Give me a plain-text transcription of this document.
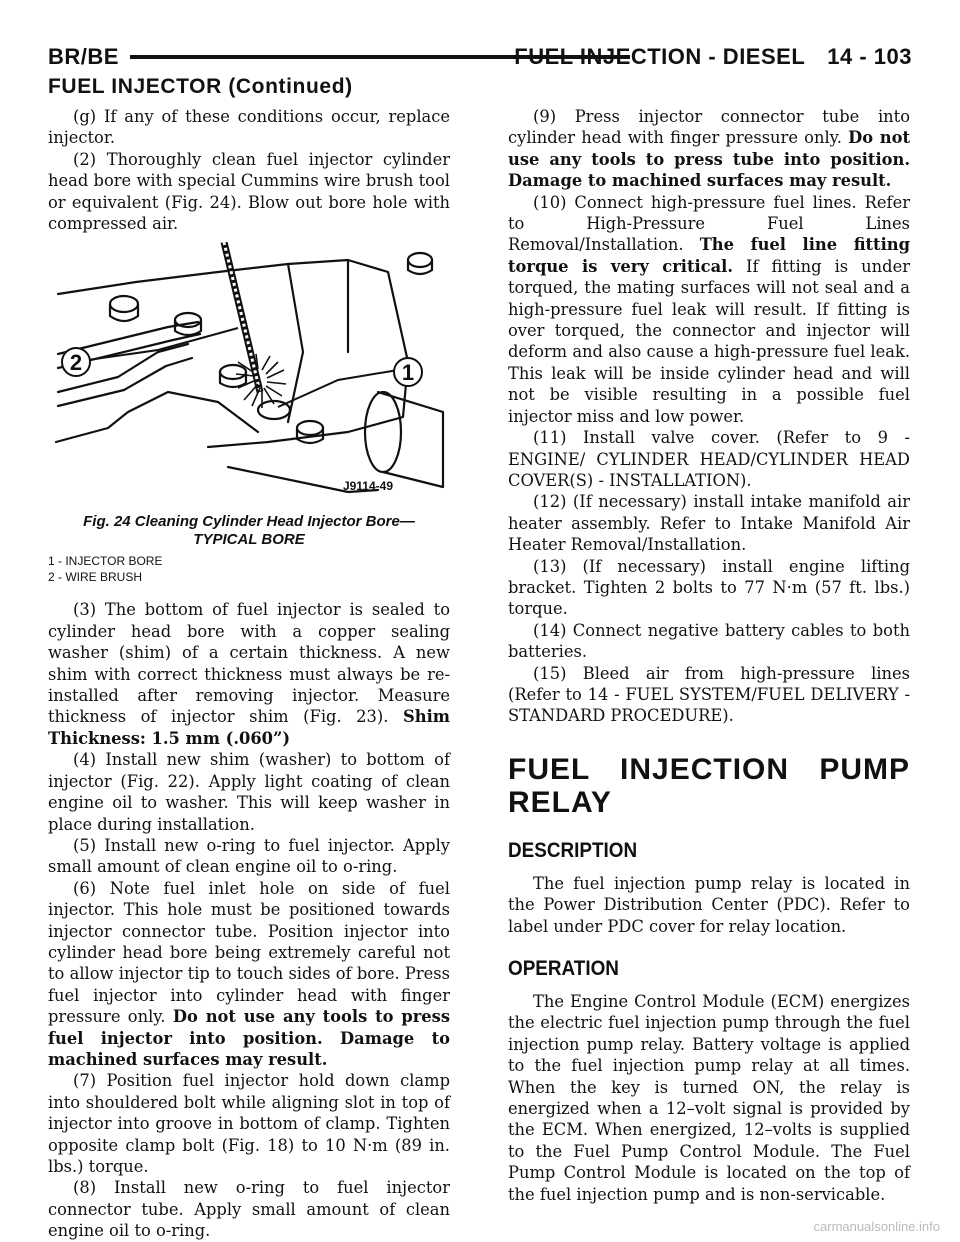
BR/BE	FUEL INJECTION - DIESEL 14 - 103
FUEL INJECTOR (Continued)

(g) If any of these conditions occur, replace injector.

(2) Thoroughly clean fuel injector cylinder head bore with special Cummins wire brush tool or equivalent (Fig. 24). Blow out bore hole with compressed air.

2	1
J9114-49
Fig. 24 Cleaning Cylinder Head Injector Bore—
TYPICAL BORE
1 - INJECTOR BORE
2 - WIRE BRUSH

(3) The bottom of fuel injector is sealed to cylinder head bore with a copper sealing washer (shim) of a certain thickness. A new shim with correct thickness must always be re-installed after removing injector. Measure thickness of injector shim (Fig. 23). Shim Thickness: 1.5 mm (.060”)

(4) Install new shim (washer) to bottom of injector (Fig. 22). Apply light coating of clean engine oil to washer. This will keep washer in place during installation.

(5) Install new o-ring to fuel injector. Apply small amount of clean engine oil to o-ring.

(6) Note fuel inlet hole on side of fuel injector. This hole must be positioned towards injector connector tube. Position injector into cylinder head bore being extremely careful not to allow injector tip to touch sides of bore. Press fuel injector into cylinder head with finger pressure only. Do not use any tools to press fuel injector into position. Damage to machined surfaces may result.

(7) Position fuel injector hold down clamp into shouldered bolt while aligning slot in top of injector into groove in bottom of clamp. Tighten opposite clamp bolt (Fig. 18) to 10 N·m (89 in. lbs.) torque.

(8) Install new o-ring to fuel injector connector tube. Apply small amount of clean engine oil to o-ring.

(9) Press injector connector tube into cylinder head with finger pressure only. Do not use any tools to press tube into position. Damage to machined surfaces may result.

(10) Connect high-pressure fuel lines. Refer to High-Pressure Fuel Lines Removal/Installation. The fuel line fitting torque is very critical. If fitting is under torqued, the mating surfaces will not seal and a high-pressure fuel leak will result. If fitting is over torqued, the connector and injector will deform and also cause a high-pressure fuel leak. This leak will be inside cylinder head and will not be visible resulting in a possible fuel injector miss and low power.

(11) Install valve cover. (Refer to 9 - ENGINE/ CYLINDER HEAD/CYLINDER HEAD COVER(S) - INSTALLATION).

(12) (If necessary) install intake manifold air heater assembly. Refer to Intake Manifold Air Heater Removal/Installation.

(13) (If necessary) install engine lifting bracket. Tighten 2 bolts to 77 N·m (57 ft. lbs.) torque.

(14) Connect negative battery cables to both batteries.

(15) Bleed air from high-pressure lines (Refer to 14 - FUEL SYSTEM/FUEL DELIVERY - STANDARD PROCEDURE).

FUEL INJECTION PUMP RELAY
DESCRIPTION

The fuel injection pump relay is located in the Power Distribution Center (PDC). Refer to label under PDC cover for relay location.

OPERATION

The Engine Control Module (ECM) energizes the electric fuel injection pump through the fuel injection pump relay. Battery voltage is applied to the fuel injection pump relay at all times. When the key is turned ON, the relay is energized when a 12–volt signal is provided by the ECM. When energized, 12–volts is supplied to the Fuel Pump Control Module. The Fuel Pump Control Module is located on the top of the fuel injection pump and is non-servicable.

carmanualsonline.info
